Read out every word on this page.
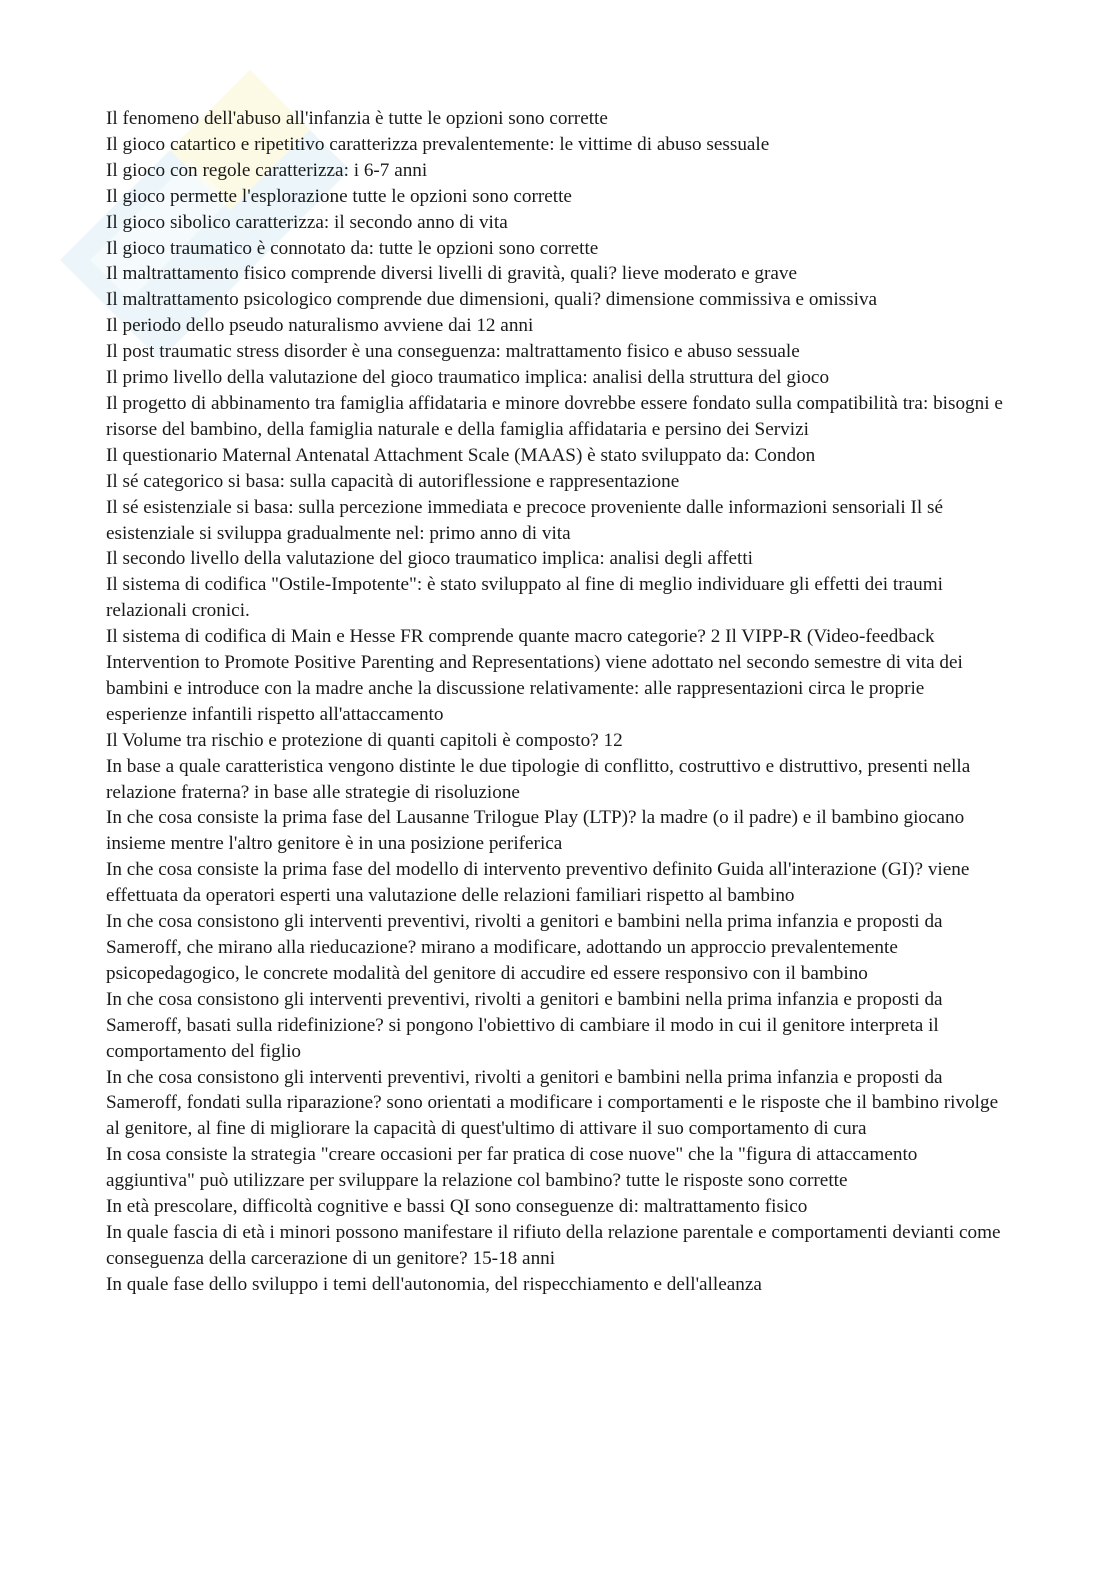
Il fenomeno dell'abuso all'infanzia è tutte le opzioni sono corrette

Il gioco catartico e ripetitivo caratterizza prevalentemente: le vittime di abuso sessuale

Il gioco con regole caratterizza: i 6-7 anni

Il gioco permette l'esplorazione tutte le opzioni sono corrette

Il gioco sibolico caratterizza: il secondo anno di vita

Il gioco traumatico è connotato da: tutte le opzioni sono corrette

Il maltrattamento fisico comprende diversi livelli di gravità, quali? lieve moderato e grave

Il maltrattamento psicologico comprende due dimensioni, quali? dimensione commissiva e omissiva

Il periodo dello pseudo naturalismo avviene dai 12 anni

Il post traumatic stress disorder è una conseguenza: maltrattamento fisico e abuso sessuale

Il primo livello della valutazione del gioco traumatico implica: analisi della struttura del gioco

Il progetto di abbinamento tra famiglia affidataria e minore dovrebbe essere fondato sulla compatibilità tra: bisogni e risorse del bambino, della famiglia naturale e della famiglia affidataria e persino dei Servizi

Il questionario Maternal Antenatal Attachment Scale (MAAS) è stato sviluppato da: Condon

Il sé categorico si basa: sulla capacità di autoriflessione e rappresentazione

Il sé esistenziale si basa: sulla percezione immediata e precoce proveniente dalle informazioni sensoriali Il sé esistenziale si sviluppa gradualmente nel: primo anno di vita

Il secondo livello della valutazione del gioco traumatico implica: analisi degli affetti

Il sistema di codifica "Ostile-Impotente": è stato sviluppato al fine di meglio individuare gli effetti dei traumi relazionali cronici.

Il sistema di codifica di Main e Hesse FR comprende quante macro categorie? 2 Il VIPP-R (Video-feedback Intervention to Promote Positive Parenting and Representations) viene adottato nel secondo semestre di vita dei bambini e introduce con la madre anche la discussione relativamente: alle rappresentazioni circa le proprie esperienze infantili rispetto all'attaccamento

Il Volume tra rischio e protezione di quanti capitoli è composto? 12

In base a quale caratteristica vengono distinte le due tipologie di conflitto, costruttivo e distruttivo, presenti nella relazione fraterna? in base alle strategie di risoluzione

In che cosa consiste la prima fase del Lausanne Trilogue Play (LTP)? la madre (o il padre) e il bambino giocano insieme mentre l'altro genitore è in una posizione periferica

In che cosa consiste la prima fase del modello di intervento preventivo definito Guida all'interazione (GI)? viene effettuata da operatori esperti una valutazione delle relazioni familiari rispetto al bambino

In che cosa consistono gli interventi preventivi, rivolti a genitori e bambini nella prima infanzia e proposti da Sameroff, che mirano alla rieducazione? mirano a modificare, adottando un approccio prevalentemente psicopedagogico, le concrete modalità del genitore di accudire ed essere responsivo con il bambino

In che cosa consistono gli interventi preventivi, rivolti a genitori e bambini nella prima infanzia e proposti da Sameroff, basati sulla ridefinizione? si pongono l'obiettivo di cambiare il modo in cui il genitore interpreta il comportamento del figlio

In che cosa consistono gli interventi preventivi, rivolti a genitori e bambini nella prima infanzia e proposti da Sameroff, fondati sulla riparazione? sono orientati a modificare i comportamenti e le risposte che il bambino rivolge al genitore, al fine di migliorare la capacità di quest'ultimo di attivare il suo comportamento di cura

In cosa consiste la strategia "creare occasioni per far pratica di cose nuove" che la "figura di attaccamento aggiuntiva" può utilizzare per sviluppare la relazione col bambino? tutte le risposte sono corrette

In età prescolare, difficoltà cognitive e bassi QI sono conseguenze di: maltrattamento fisico

In quale fascia di età i minori possono manifestare il rifiuto della relazione parentale e comportamenti devianti come conseguenza della carcerazione di un genitore? 15-18 anni

In quale fase dello sviluppo i temi dell'autonomia, del rispecchiamento e dell'alleanza
